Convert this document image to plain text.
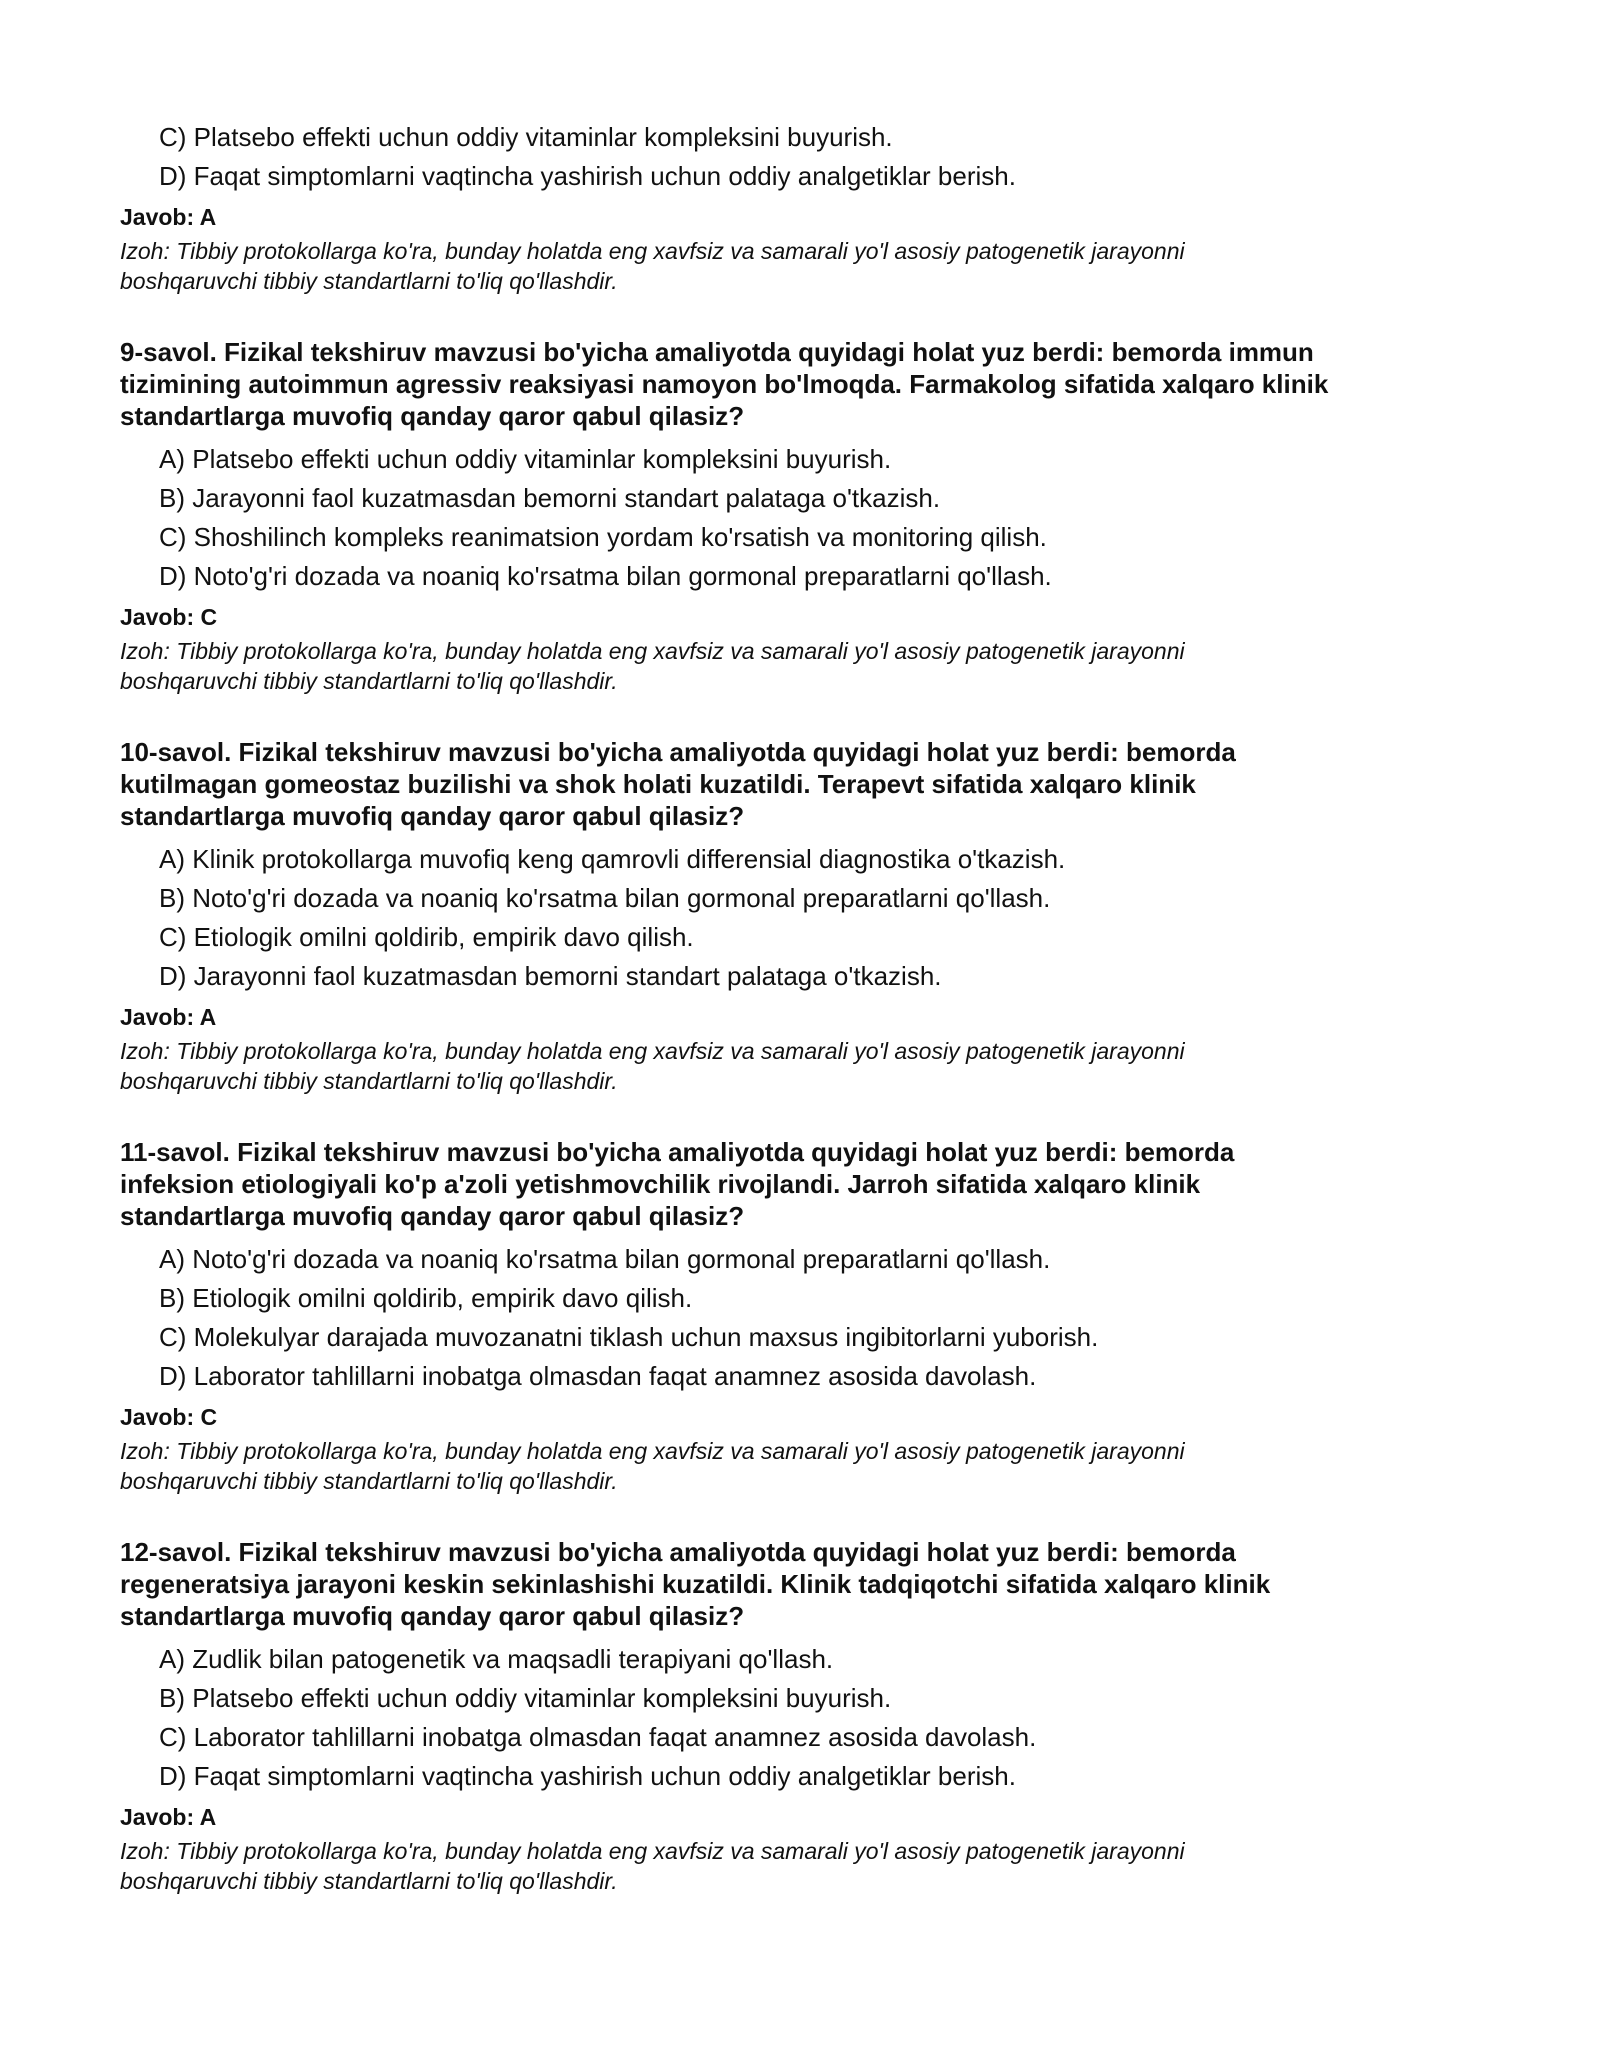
C) Platsebo effekti uchun oddiy vitaminlar kompleksini buyurish.
D) Faqat simptomlarni vaqtincha yashirish uchun oddiy analgetiklar berish.
Javob: A
Izoh: Tibbiy protokollarga ko'ra, bunday holatda eng xavfsiz va samarali yo'l asosiy patogenetik jarayonni
boshqaruvchi tibbiy standartlarni to'liq qo'llashdir.
9-savol. Fizikal tekshiruv mavzusi bo'yicha amaliyotda quyidagi holat yuz berdi: bemorda immun
tizimining autoimmun agressiv reaksiyasi namoyon bo'lmoqda. Farmakolog sifatida xalqaro klinik
standartlarga muvofiq qanday qaror qabul qilasiz?
A) Platsebo effekti uchun oddiy vitaminlar kompleksini buyurish.
B) Jarayonni faol kuzatmasdan bemorni standart palataga o'tkazish.
C) Shoshilinch kompleks reanimatsion yordam ko'rsatish va monitoring qilish.
D) Noto'g'ri dozada va noaniq ko'rsatma bilan gormonal preparatlarni qo'llash.
Javob: C
Izoh: Tibbiy protokollarga ko'ra, bunday holatda eng xavfsiz va samarali yo'l asosiy patogenetik jarayonni
boshqaruvchi tibbiy standartlarni to'liq qo'llashdir.
10-savol. Fizikal tekshiruv mavzusi bo'yicha amaliyotda quyidagi holat yuz berdi: bemorda
kutilmagan gomeostaz buzilishi va shok holati kuzatildi. Terapevt sifatida xalqaro klinik
standartlarga muvofiq qanday qaror qabul qilasiz?
A) Klinik protokollarga muvofiq keng qamrovli differensial diagnostika o'tkazish.
B) Noto'g'ri dozada va noaniq ko'rsatma bilan gormonal preparatlarni qo'llash.
C) Etiologik omilni qoldirib, empirik davo qilish.
D) Jarayonni faol kuzatmasdan bemorni standart palataga o'tkazish.
Javob: A
Izoh: Tibbiy protokollarga ko'ra, bunday holatda eng xavfsiz va samarali yo'l asosiy patogenetik jarayonni
boshqaruvchi tibbiy standartlarni to'liq qo'llashdir.
11-savol. Fizikal tekshiruv mavzusi bo'yicha amaliyotda quyidagi holat yuz berdi: bemorda
infeksion etiologiyali ko'p a'zoli yetishmovchilik rivojlandi. Jarroh sifatida xalqaro klinik
standartlarga muvofiq qanday qaror qabul qilasiz?
A) Noto'g'ri dozada va noaniq ko'rsatma bilan gormonal preparatlarni qo'llash.
B) Etiologik omilni qoldirib, empirik davo qilish.
C) Molekulyar darajada muvozanatni tiklash uchun maxsus ingibitorlarni yuborish.
D) Laborator tahlillarni inobatga olmasdan faqat anamnez asosida davolash.
Javob: C
Izoh: Tibbiy protokollarga ko'ra, bunday holatda eng xavfsiz va samarali yo'l asosiy patogenetik jarayonni
boshqaruvchi tibbiy standartlarni to'liq qo'llashdir.
12-savol. Fizikal tekshiruv mavzusi bo'yicha amaliyotda quyidagi holat yuz berdi: bemorda
regeneratsiya jarayoni keskin sekinlashishi kuzatildi. Klinik tadqiqotchi sifatida xalqaro klinik
standartlarga muvofiq qanday qaror qabul qilasiz?
A) Zudlik bilan patogenetik va maqsadli terapiyani qo'llash.
B) Platsebo effekti uchun oddiy vitaminlar kompleksini buyurish.
C) Laborator tahlillarni inobatga olmasdan faqat anamnez asosida davolash.
D) Faqat simptomlarni vaqtincha yashirish uchun oddiy analgetiklar berish.
Javob: A
Izoh: Tibbiy protokollarga ko'ra, bunday holatda eng xavfsiz va samarali yo'l asosiy patogenetik jarayonni
boshqaruvchi tibbiy standartlarni to'liq qo'llashdir.
